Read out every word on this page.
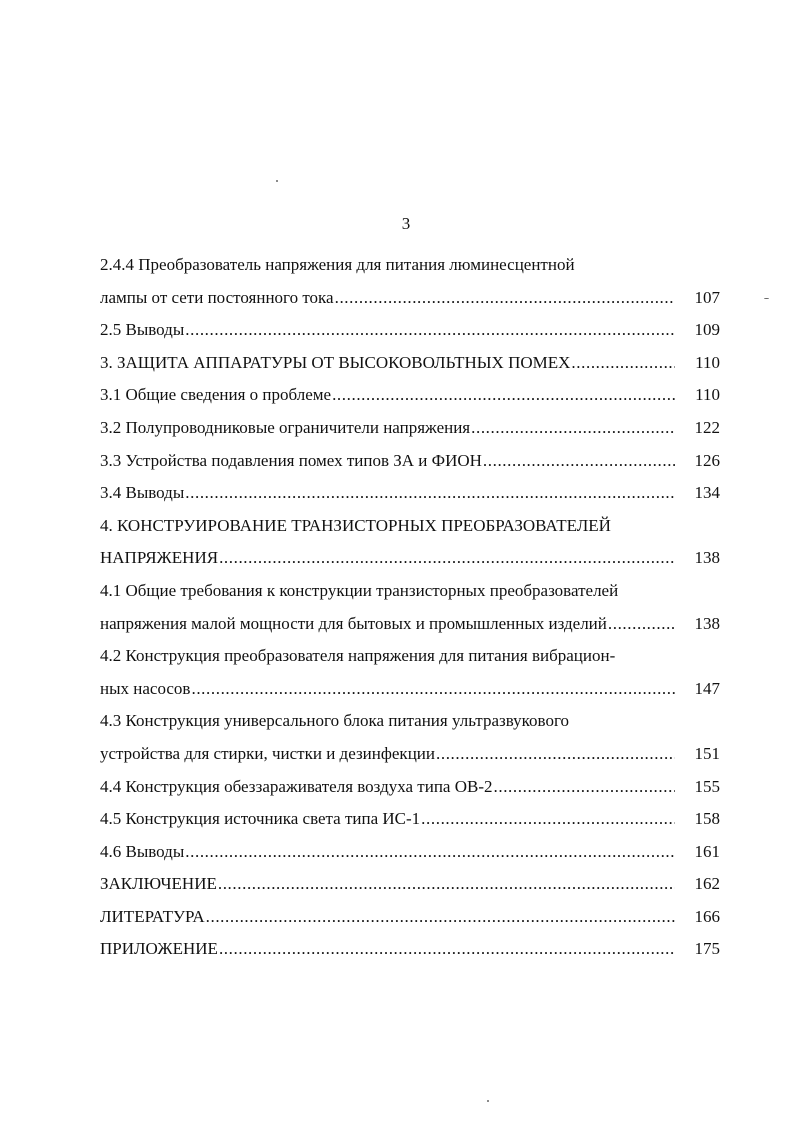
3
2.4.4 Преобразователь напряжения для питания люминесцентной
лампы от сети постоянного тока .....	107
2.5 Выводы .....	109
3. ЗАЩИТА АППАРАТУРЫ ОТ ВЫСОКОВОЛЬТНЫХ ПОМЕХ .....	110
3.1 Общие сведения о проблеме .....	110
3.2 Полупроводниковые ограничители напряжения .....	122
3.3 Устройства подавления помех типов ЗА и ФИОН .....	126
3.4 Выводы .....	134
4. КОНСТРУИРОВАНИЕ ТРАНЗИСТОРНЫХ ПРЕОБРАЗОВАТЕЛЕЙ
НАПРЯЖЕНИЯ .....	138
4.1 Общие требования к конструкции транзисторных преобразователей
напряжения малой мощности для бытовых и промышленных изделий .....	138
4.2 Конструкция преобразователя напряжения для питания вибрацион-
ных насосов .....	147
4.3 Конструкция универсального блока питания ультразвукового
устройства для стирки, чистки и дезинфекции .....	151
4.4 Конструкция обеззараживателя воздуха типа ОВ-2 .....	155
4.5 Конструкция источника света типа ИС-1 .....	158
4.6 Выводы .....	161
ЗАКЛЮЧЕНИЕ .....	162
ЛИТЕРАТУРА .....	166
ПРИЛОЖЕНИЕ .....	175
